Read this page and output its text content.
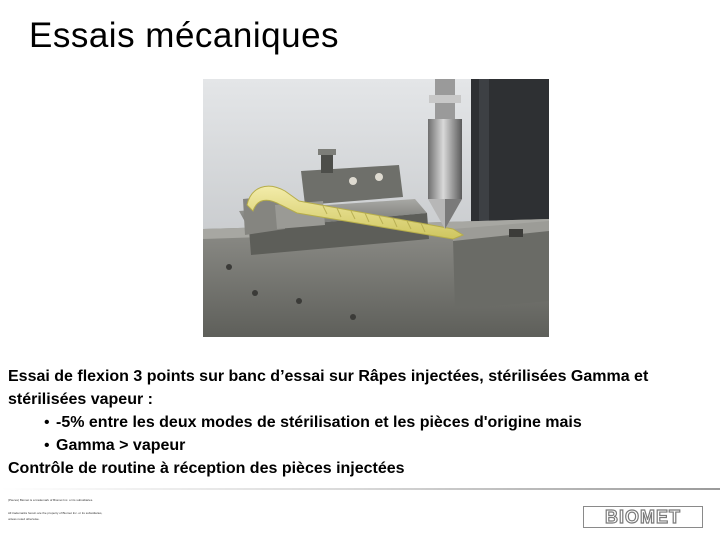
Essais mécaniques

Essai de flexion 3 points sur banc d’essai sur Râpes injectées, stérilisées Gamma et stérilisées vapeur :

• -5% entre les deux modes de stérilisation et les pièces d'origine mais

• Gamma > vapeur

Contrôle de routine à réception des pièces injectées

(Pieces) Biomet is a trademark of Biomet Inc. or its subsidiaries.
All trademarks herein are the property of Biomet Inc. or its subsidiaries,
unless noted otherwise.	BIOMET
